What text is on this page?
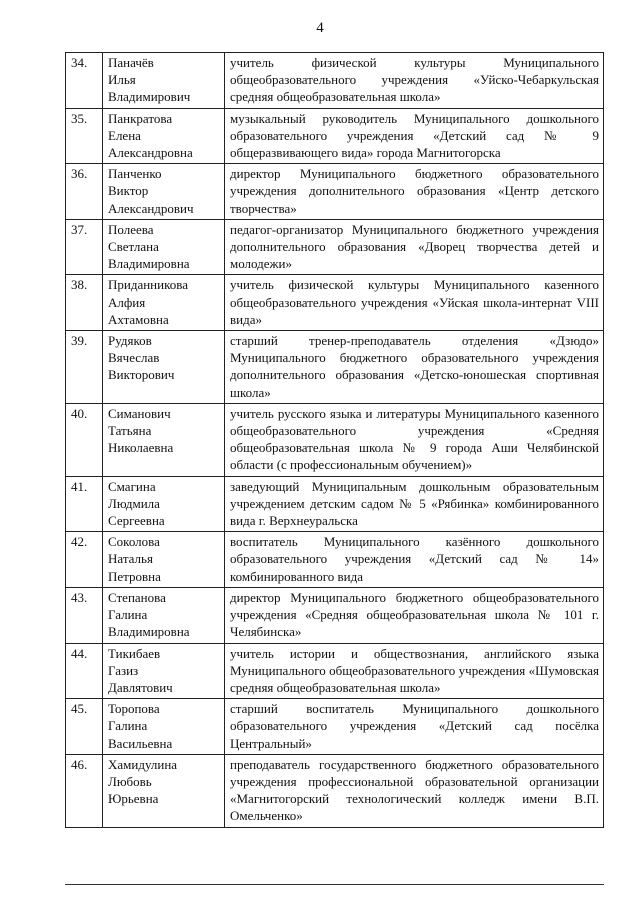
4
34.	Паначёв
Илья
Владимирович	учитель физической культуры Муниципального общеобразовательного учреждения «Уйско-Чебаркульская средняя общеобразовательная школа»
35.	Панкратова
Елена
Александровна	музыкальный руководитель Муниципального дошкольного образовательного учреждения «Детский сад № 9 общеразвивающего вида» города Магнитогорска
36.	Панченко
Виктор
Александрович	директор Муниципального бюджетного образовательного учреждения дополнительного образования «Центр детского творчества»
37.	Полеева
Светлана
Владимировна	педагог-организатор Муниципального бюджетного учреждения дополнительного образования «Дворец творчества детей и молодежи»
38.	Приданникова
Алфия
Ахтамовна	учитель физической культуры Муниципального казенного общеобразовательного учреждения «Уйская школа-интернат VIII вида»
39.	Рудяков
Вячеслав
Викторович	старший тренер-преподаватель отделения «Дзюдо» Муниципального бюджетного образовательного учреждения дополнительного образования «Детско-юношеская спортивная школа»
40.	Симанович
Татьяна
Николаевна	учитель русского языка и литературы Муниципального казенного общеобразовательного учреждения «Средняя общеобразовательная школа № 9 города Аши Челябинской области (с профессиональным обучением)»
41.	Смагина
Людмила
Сергеевна	заведующий Муниципальным дошкольным образовательным учреждением детским садом № 5 «Рябинка» комбинированного вида г. Верхнеуральска
42.	Соколова
Наталья
Петровна	воспитатель Муниципального казённого дошкольного образовательного учреждения «Детский сад № 14» комбинированного вида
43.	Степанова
Галина
Владимировна	директор Муниципального бюджетного общеобразовательного учреждения «Средняя общеобразовательная школа № 101 г. Челябинска»
44.	Тикибаев
Газиз
Давлятович	учитель истории и обществознания, английского языка Муниципального общеобразовательного учреждения «Шумовская средняя общеобразовательная школа»
45.	Торопова
Галина
Васильевна	старший воспитатель Муниципального дошкольного образовательного учреждения «Детский сад посёлка Центральный»
46.	Хамидулина
Любовь
Юрьевна	преподаватель государственного бюджетного образовательного учреждения профессиональной образовательной организации «Магнитогорский технологический колледж имени В.П. Омельченко»
